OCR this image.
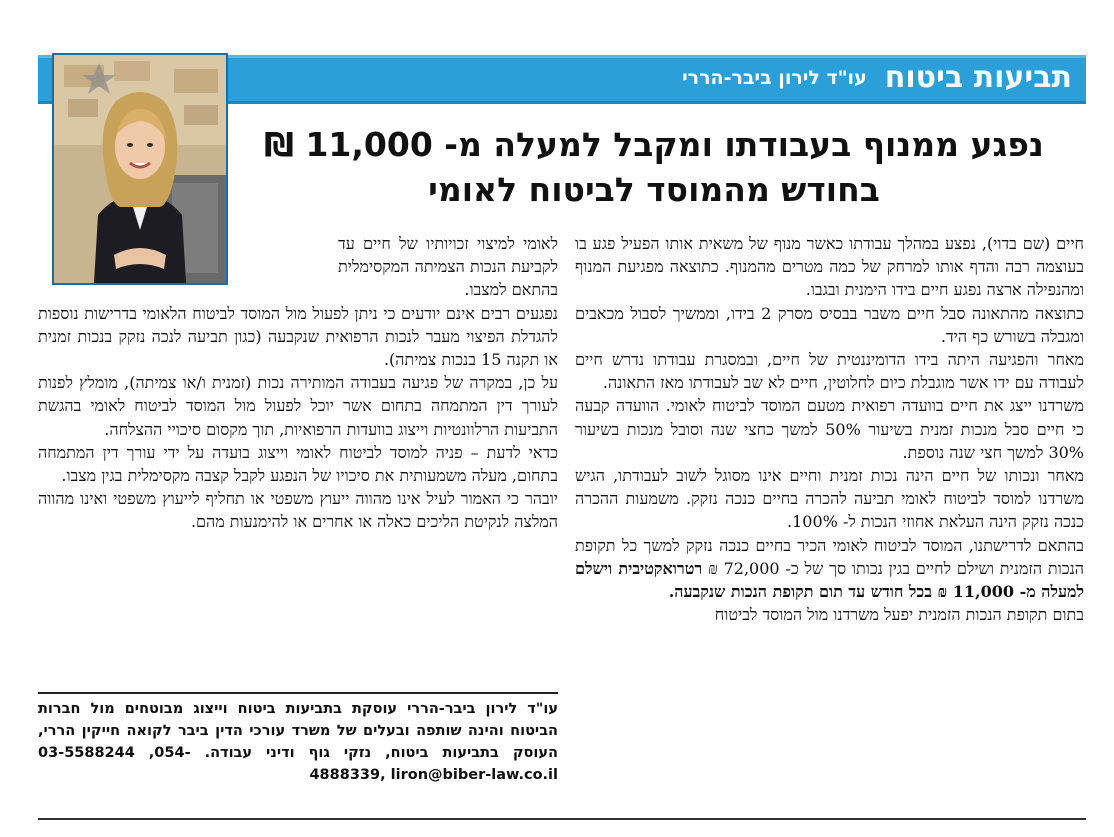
תביעות ביטוח
עו"ד לירון ביבר-הררי
נפגע ממנוף בעבודתו ומקבל למעלה מ- 11,000 ₪
בחודש מהמוסד לביטוח לאומי

חיים (שם בדוי), נפצע במהלך עבודתו כאשר מנוף של משאית אותו הפעיל פגע בו בעוצמה רבה והדף אותו למרחק של כמה מטרים מהמנוף. כתוצאה מפגיעת המנוף ומהנפילה ארצה נפגע חיים בידו הימנית ובגבו.

כתוצאה מהתאונה סבל חיים משבר בבסיס מסרק 2 בידו, וממשיך לסבול מכאבים ומגבלה בשורש כף היד.

מאחר והפגיעה היתה בידו הדומיננטית של חיים, ובמסגרת עבודתו נדרש חיים לעבודה עם ידו אשר מוגבלת כיום לחלוטין, חיים לא שב לעבודתו מאז התאונה.

משרדנו ייצג את חיים בוועדה רפואית מטעם המוסד לביטוח לאומי. הוועדה קבעה כי חיים סבל מנכות זמנית בשיעור 50% למשך כחצי שנה וסובל מנכות בשיעור 30% למשך חצי שנה נוספת.

מאחר ונכותו של חיים הינה נכות זמנית וחיים אינו מסוגל לשוב לעבודתו, הגיש משרדנו למוסד לביטוח לאומי תביעה להכרה בחיים כנכה נזקק. משמעות ההכרה כנכה נזקק הינה העלאת אחוזי הנכות ל- 100%.

בהתאם לדרישתנו, המוסד לביטוח לאומי הכיר בחיים כנכה נזקק למשך כל תקופת הנכות הזמנית ושילם לחיים בגין נכותו סך של כ- 72,000 ₪ רטרואקטיבית וישלם למעלה מ- 11,000 ₪ בכל חודש עד תום תקופת הנכות שנקבעה.

בתום תקופת הנכות הזמנית יפעל משרדנו מול המוסד לביטוח

לאומי למיצוי זכויותיו של חיים עד לקביעת הנכות הצמיתה המקסימלית בהתאם למצבו.

נפגעים רבים אינם יודעים כי ניתן לפעול מול המוסד לביטוח הלאומי בדרישות נוספות להגדלת הפיצוי מעבר לנכות הרפואית שנקבעה (כגון תביעה לנכה נזקק בנכות זמנית או תקנה 15 בנכות צמיתה).

על כן, במקרה של פגיעה בעבודה המותירה נכות (זמנית ו/או צמיתה), מומלץ לפנות לעורך דין המתמחה בתחום אשר יוכל לפעול מול המוסד לביטוח לאומי בהגשת התביעות הרלוונטיות וייצוג בוועדות הרפואיות, תוך מקסום סיכויי ההצלחה.

כדאי לדעת – פניה למוסד לביטוח לאומי וייצוג בועדה על ידי עורך דין המתמחה בתחום, מעלה משמעותית את סיכויו של הנפגע לקבל קצבה מקסימלית בגין מצבו.

יובהר כי האמור לעיל אינו מהווה ייעוץ משפטי או תחליף לייעוץ משפטי ואינו מהווה המלצה לנקיטת הליכים כאלה או אחרים או להימנעות מהם.

עו"ד לירון ביבר-הררי עוסקת בתביעות ביטוח וייצוג מבוטחים מול חברות הביטוח והינה שותפה ובעלים של משרד עורכי הדין ביבר לקואה חייקין הררי, העוסק בתביעות ביטוח, נזקי גוף ודיני עבודה. 03-5588244 ,054-4888339, liron@biber-law.co.il
